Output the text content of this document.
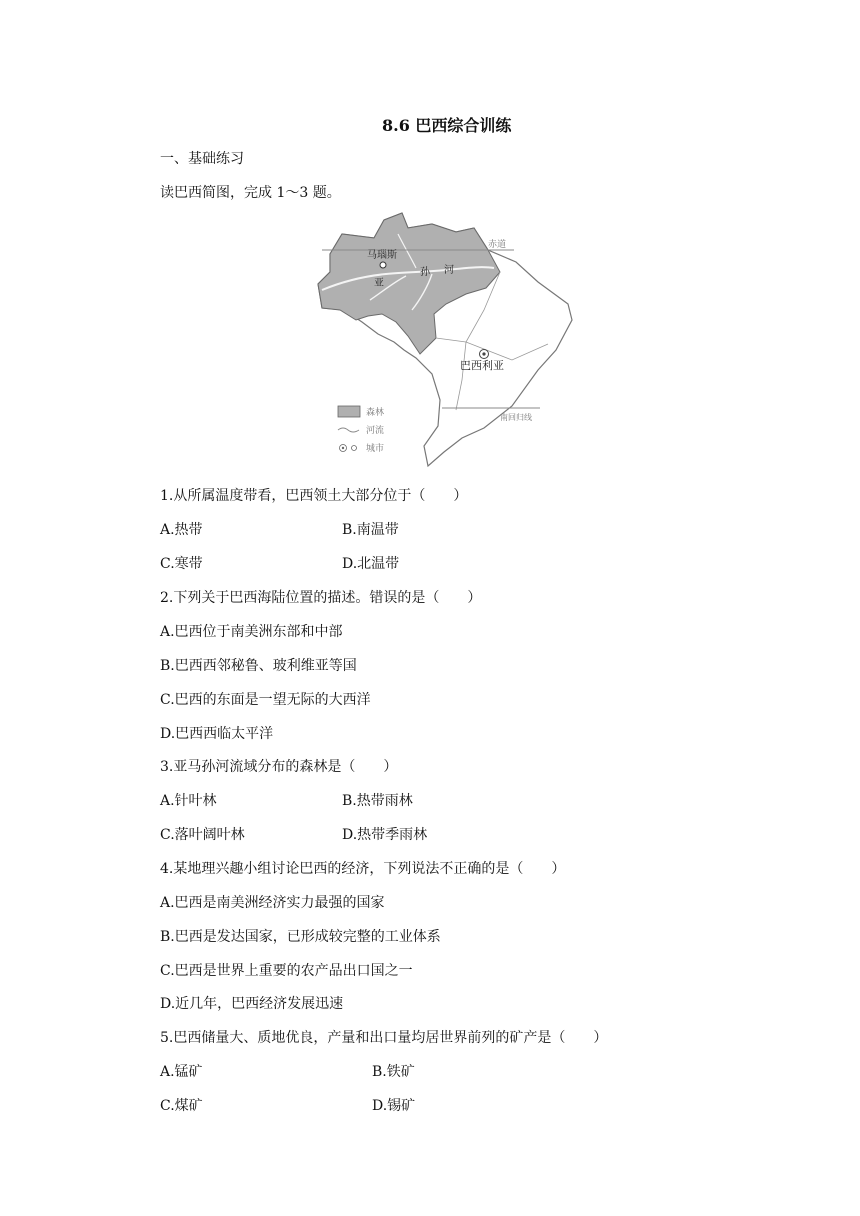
8.6 巴西综合训练
一、基础练习
读巴西简图，完成 1～3 题。
赤道
马瑙斯
亚
孙 河
巴西利亚
南回归线
森林
河流
城市
1.从所属温度带看，巴西领土大部分位于（　　）
A.热带	B.南温带
C.寒带	D.北温带
2.下列关于巴西海陆位置的描述。错误的是（　　）
A.巴西位于南美洲东部和中部
B.巴西西邻秘鲁、玻利维亚等国
C.巴西的东面是一望无际的大西洋
D.巴西西临太平洋
3.亚马孙河流域分布的森林是（　　）
A.针叶林	B.热带雨林
C.落叶阔叶林	D.热带季雨林
4.某地理兴趣小组讨论巴西的经济，下列说法不正确的是（　　）
A.巴西是南美洲经济实力最强的国家
B.巴西是发达国家，已形成较完整的工业体系
C.巴西是世界上重要的农产品出口国之一
D.近几年，巴西经济发展迅速
5.巴西储量大、质地优良，产量和出口量均居世界前列的矿产是（　　）
A.锰矿	B.铁矿
C.煤矿	D.锡矿
